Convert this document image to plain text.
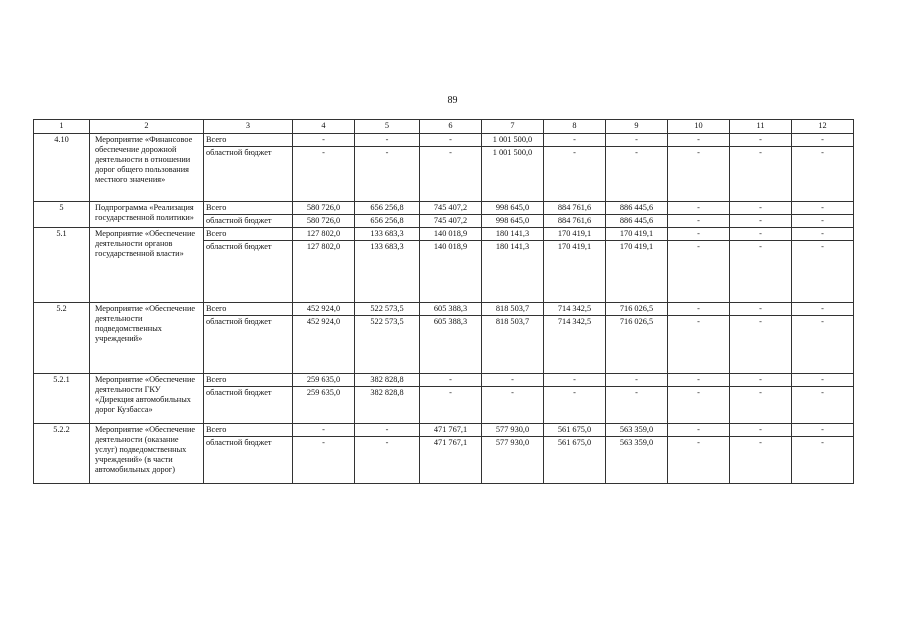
89
1	2	3	4	5	6	7	8	9	10	11	12
4.10	Мероприятие «Финансовое обеспечение дорожной деятельности в отношении дорог общего пользования местного значения»	Всего	-	-	-	1 001 500,0	-	-	-	-	-
		областной бюджет	-	-	-	1 001 500,0	-	-	-	-	-
5	Подпрограмма «Реализация государственной политики»	Всего	580 726,0	656 256,8	745 407,2	998 645,0	884 761,6	886 445,6	-	-	-
		областной бюджет	580 726,0	656 256,8	745 407,2	998 645,0	884 761,6	886 445,6	-	-	-
5.1	Мероприятие «Обеспечение деятельности органов государственной власти»	Всего	127 802,0	133 683,3	140 018,9	180 141,3	170 419,1	170 419,1	-	-	-
		областной бюджет	127 802,0	133 683,3	140 018,9	180 141,3	170 419,1	170 419,1	-	-	-
5.2	Мероприятие «Обеспечение деятельности подведомственных учреждений»	Всего	452 924,0	522 573,5	605 388,3	818 503,7	714 342,5	716 026,5	-	-	-
		областной бюджет	452 924,0	522 573,5	605 388,3	818 503,7	714 342,5	716 026,5	-	-	-
5.2.1	Мероприятие «Обеспечение деятельности ГКУ «Дирекция автомобильных дорог Кузбасса»	Всего	259 635,0	382 828,8	-	-	-	-	-	-	-
		областной бюджет	259 635,0	382 828,8	-	-	-	-	-	-	-
5.2.2	Мероприятие «Обеспечение деятельности (оказание услуг) подведомственных учреждений» (в части автомобильных дорог)	Всего	-	-	471 767,1	577 930,0	561 675,0	563 359,0	-	-	-
		областной бюджет	-	-	471 767,1	577 930,0	561 675,0	563 359,0	-	-	-
